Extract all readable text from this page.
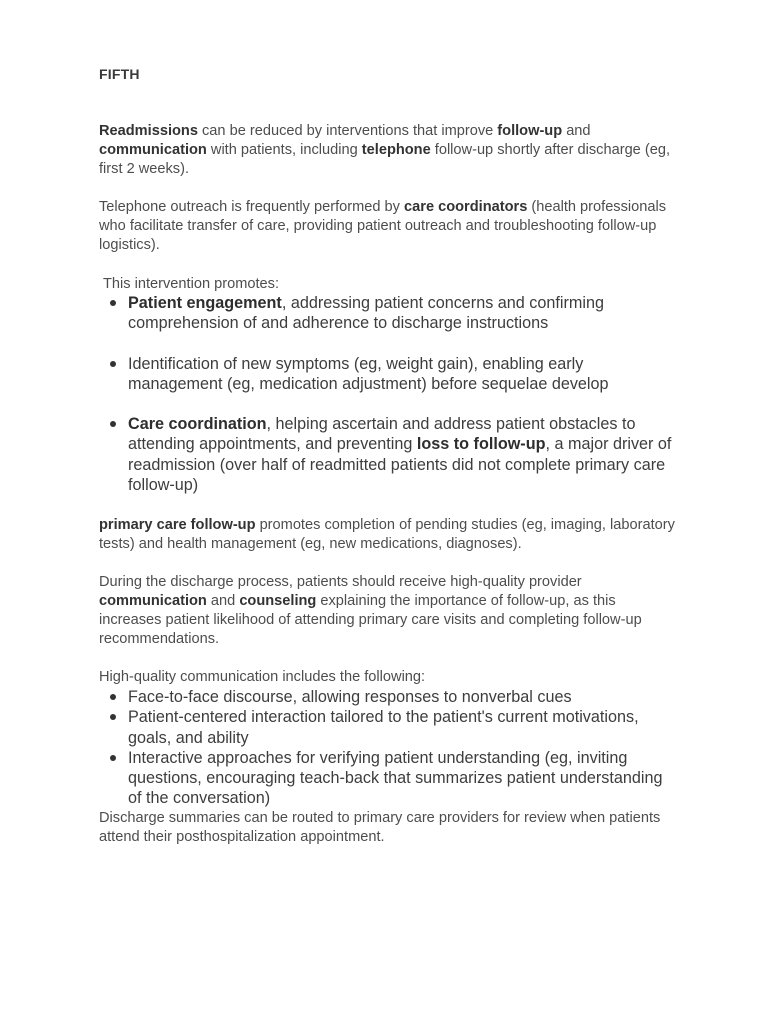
FIFTH

Readmissions can be reduced by interventions that improve follow-up and communication with patients, including telephone follow-up shortly after discharge (eg, first 2 weeks).

Telephone outreach is frequently performed by care coordinators (health professionals who facilitate transfer of care, providing patient outreach and troubleshooting follow-up logistics).

This intervention promotes:
Patient engagement, addressing patient concerns and confirming comprehension of and adherence to discharge instructions
Identification of new symptoms (eg, weight gain), enabling early management (eg, medication adjustment) before sequelae develop
Care coordination, helping ascertain and address patient obstacles to attending appointments, and preventing loss to follow-up, a major driver of readmission (over half of readmitted patients did not complete primary care follow-up)

primary care follow-up promotes completion of pending studies (eg, imaging, laboratory tests) and health management (eg, new medications, diagnoses).

During the discharge process, patients should receive high-quality provider communication and counseling explaining the importance of follow-up, as this increases patient likelihood of attending primary care visits and completing follow-up recommendations.

High-quality communication includes the following:
Face-to-face discourse, allowing responses to nonverbal cues
Patient-centered interaction tailored to the patient's current motivations, goals, and ability
Interactive approaches for verifying patient understanding (eg, inviting questions, encouraging teach-back that summarizes patient understanding of the conversation)
Discharge summaries can be routed to primary care providers for review when patients attend their posthospitalization appointment.
